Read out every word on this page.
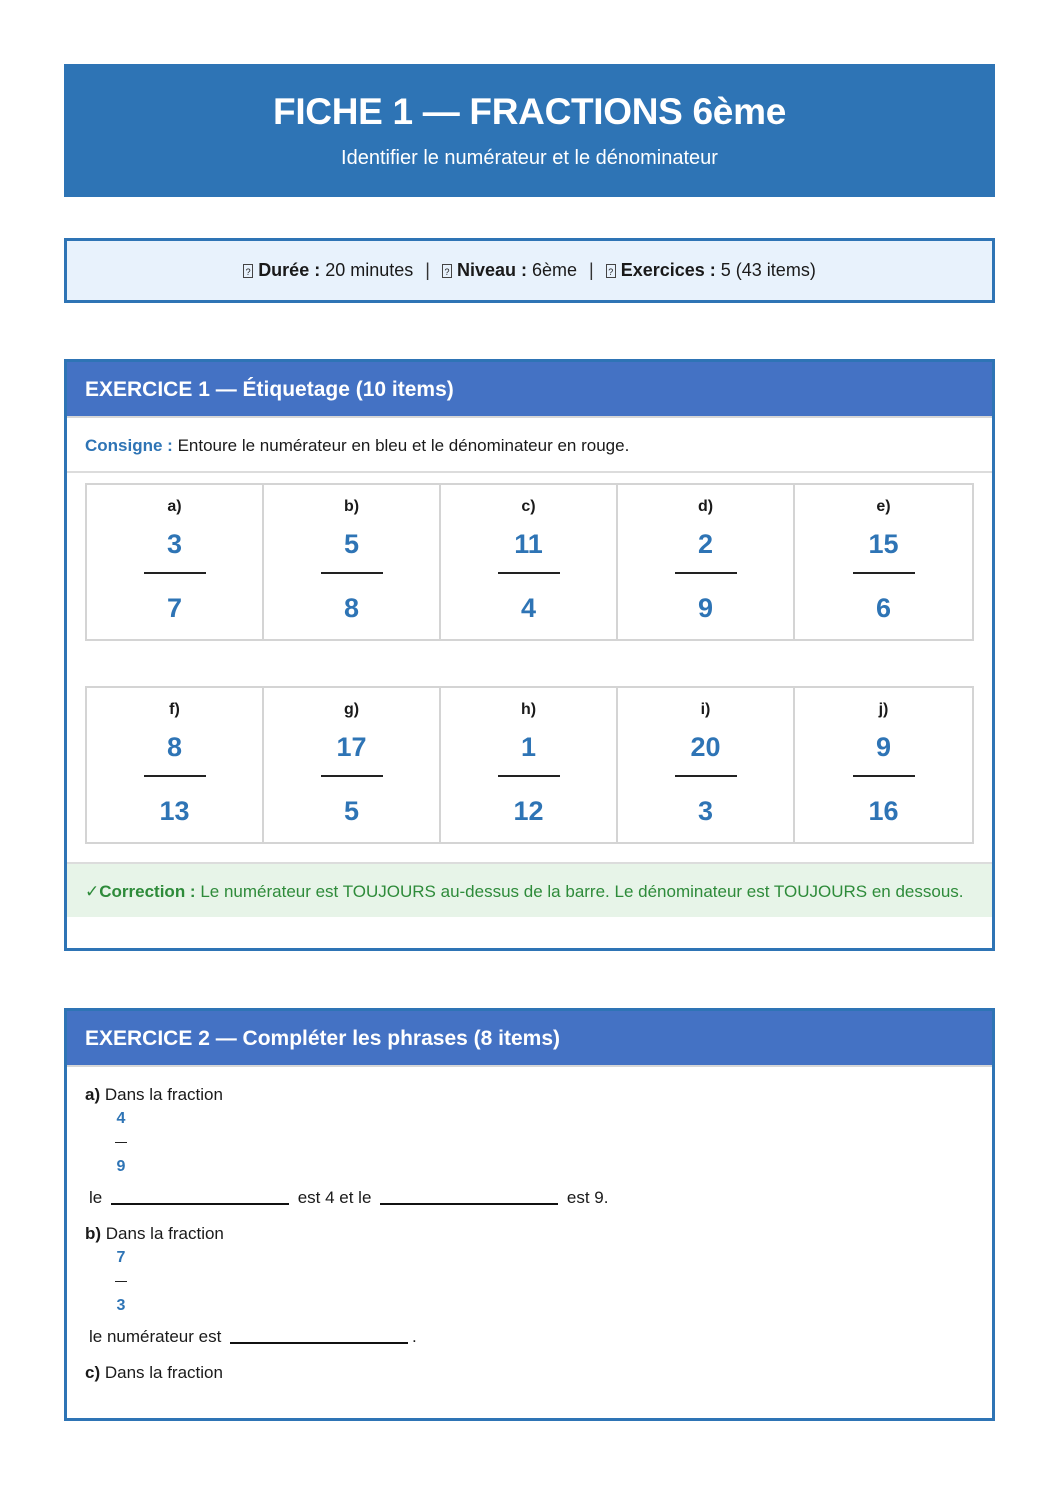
FICHE 1 — FRACTIONS 6ème
Identifier le numérateur et le dénominateur
? Durée : 20 minutes | ? Niveau : 6ème | ? Exercices : 5 (43 items)
EXERCICE 1 — Étiquetage (10 items)
Consigne : Entoure le numérateur en bleu et le dénominateur en rouge.
a)
3
7
b)
5
8
c)
11
4
d)
2
9
e)
15
6
f)
8
13
g)
17
5
h)
1
12
i)
20
3
j)
9
16
✓Correction : Le numérateur est TOUJOURS au-dessus de la barre. Le dénominateur est TOUJOURS en dessous.
EXERCICE 2 — Compléter les phrases (8 items)
a) Dans la fraction
4
9
le	est 4 et le	est 9.
b) Dans la fraction
7
3
le numérateur est	.
c) Dans la fraction
